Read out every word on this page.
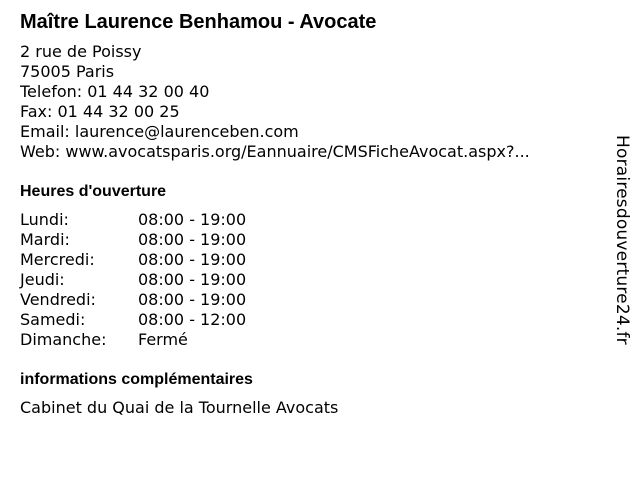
Maître Laurence Benhamou - Avocate
2 rue de Poissy
75005 Paris
Telefon: 01 44 32 00 40
Fax: 01 44 32 00 25
Email: laurence@laurenceben.com
Web: www.avocatsparis.org/Eannuaire/CMSFicheAvocat.aspx?...
Heures d'ouverture
Lundi:	08:00 - 19:00
Mardi:	08:00 - 19:00
Mercredi:	08:00 - 19:00
Jeudi:	08:00 - 19:00
Vendredi:	08:00 - 19:00
Samedi:	08:00 - 12:00
Dimanche:	Fermé
informations complémentaires
Cabinet du Quai de la Tournelle Avocats
Horairesdouverture24.fr
